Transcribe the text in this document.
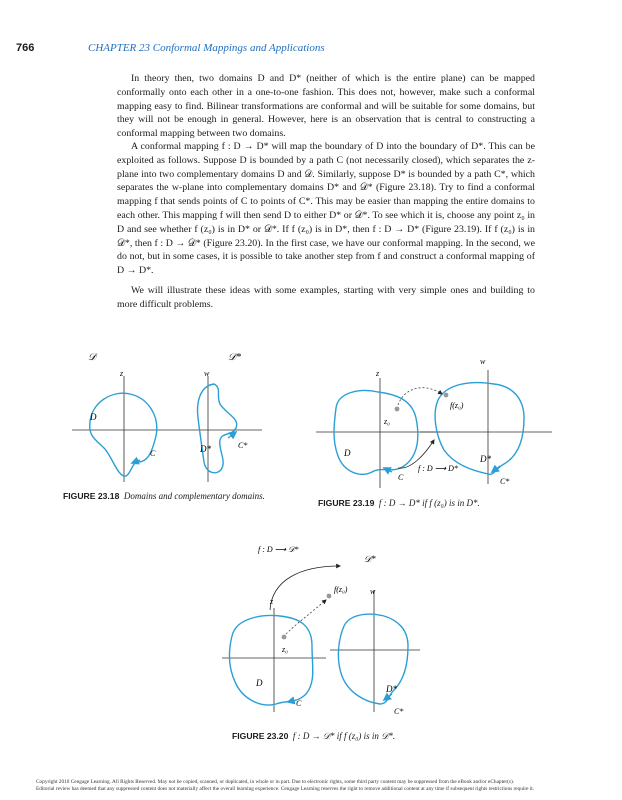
766	CHAPTER 23 Conformal Mappings and Applications

In theory then, two domains D and D* (neither of which is the entire plane) can be mapped conformally onto each other in a one-to-one fashion. This does not, however, make such a conformal mapping easy to find. Bilinear transformations are conformal and will be suitable for some domains, but they will not be enough in general. However, here is an observation that is central to constructing a conformal mapping between two domains.

A conformal mapping f : D → D* will map the boundary of D into the boundary of D*. This can be exploited as follows. Suppose D is bounded by a path C (not necessarily closed), which separates the z-plane into two complementary domains D and 𝒟. Similarly, suppose D* is bounded by a path C*, which separates the w-plane into complementary domains D* and 𝒟* (Figure 23.18). Try to find a conformal mapping f that sends points of C to points of C*. This may be easier than mapping the entire domains to each other. This mapping f will then send D to either D* or 𝒟*. To see which it is, choose any point z₀ in D and see whether f (z₀) is in D* or 𝒟*. If f (z₀) is in D*, then f : D → D* (Figure 23.19). If f (z₀) is in 𝒟*, then f : D → 𝒟* (Figure 23.20). In the first case, we have our conformal mapping. In the second, we do not, but in some cases, it is possible to take another step from f and construct a conformal mapping of D → D*.

We will illustrate these ideas with some examples, starting with very simple ones and building to more difficult problems.

𝒟	𝒟*
z	w
D
C	D*	C*
w
z
f(z₀)
z₀
D
C
f : D ⟶ D*
D*
C*
f : D ⟶ 𝒟*
𝒟*
f(z₀)	w
z
z₀
D
C
D*
C*
FIGURE 23.18 Domains and complementary domains.
FIGURE 23.19 f : D → D* if f (z₀) is in D*.
FIGURE 23.20 f : D → 𝒟* if f (z₀) is in 𝒟*.
Copyright 2010 Cengage Learning. All Rights Reserved. May not be copied, scanned, or duplicated, in whole or in part. Due to electronic rights, some third party content may be suppressed from the eBook and/or eChapter(s).
Editorial review has deemed that any suppressed content does not materially affect the overall learning experience. Cengage Learning reserves the right to remove additional content at any time if subsequent rights restrictions require it.
